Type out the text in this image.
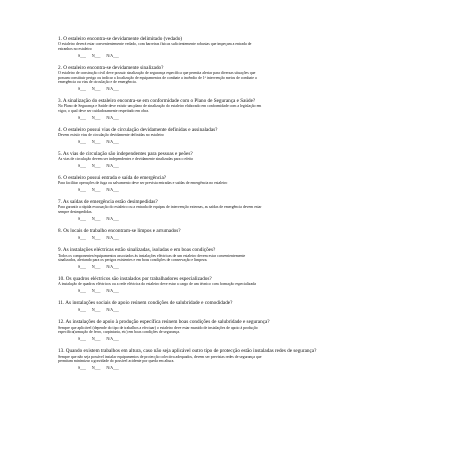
1. O estaleiro encontra-se devidamente delimitado (vedado)

O estaleiro deverá estar convenientemente vedado, com barreiras físicas suficientemente robustas que impeçam a entrada de

estranhos no estaleiro

S___      N___      N/A___

2. O estaleiro encontra-se devidamente sinalizado?

O estaleiro de construção civil deve possuir sinalização de segurança específica que permita alertar para diversas situações que

possam constituir perigo ou indicar a localização de equipamentos de combate a incêndio de 1ª intervenção meios de combate a

emergência ou vias de circulação e de emergência.

S___      N___      N/A___

3. A sinalização do estaleiro encontra-se em conformidade com o Plano de Segurança e Saúde?

No Plano de Segurança e Saúde deve existir um plano de sinalização do estaleiro elaborado em conformidade com a legislação em

vigor, o qual deve ser cuidadosamente respeitado em obra.

S___      N___      N/A___

4. O estaleiro possui vias de circulação devidamente definidas e assinaladas?

Devem existir vias de circulação devidamente definidas no estaleiro

S___      N___      N/A___

5. As vias de circulação são independentes para pessoas e peões?

As vias de circulação devem ser independentes e devidamente sinalizadas para o efeito

S___      N___      N/A___

6. O estaleiro possui entrada e saída de emergência?

Para facilitar operações de fuga ou salvamento deve ser prevista entradas e saídas de emergência no estaleiro

S___      N___      N/A___

7. As saídas de emergência estão desimpedidas?

Para garantir a rápida evacuação do estaleiro ou a entrada de equipas de intervenção externas, as saídas de emergência devem estar

sempre desimpedidas.

S___      N___      N/A___

8. Os locais de trabalho encontram-se limpos e arrumados?

S___      N___      N/A___

9. As instalações eléctricas estão sinalizadas, isoladas e em boas condições?

Todos os componentes/equipamentos associados às instalações eléctricas de um estaleiro devem estar convenientemente

sinalizados, alertando para os perigos existentes e em boas condições de conservação e limpeza.

S___      N___      N/A___

10. Os quadros eléctricos são instalados por trabalhadores especializados?

A instalação de quadros eléctricos ou a rede eléctrica do estaleiro deve estar a cargo de um técnico com formação especializada

S___      N___      N/A___

11. As instalações sociais de apoio reúnem condições de salubridade e comodidade?

S___      N___      N/A___

12. As instalações de apoio à produção específica reúnem boas condições de salubridade e segurança?

Sempre que aplicável (depende do tipo de trabalhos a efectuar) o estaleiro deve estar munido de instalações de apoio à produção

específica(armação de ferro, carpintaria, etc) em boas condições de segurança.

S___      N___      N/A___

13. Quando existem trabalhos em altura, caso não seja aplicável outro tipo de protecção estão instaladas redes de segurança?

Sempre que não seja possível instalar equipamentos de protecção colectiva adequados, devem ser previstas redes de segurança que

permitam minimizar a gravidade do possível acidente por queda em altura.

S___      N___      N/A___
